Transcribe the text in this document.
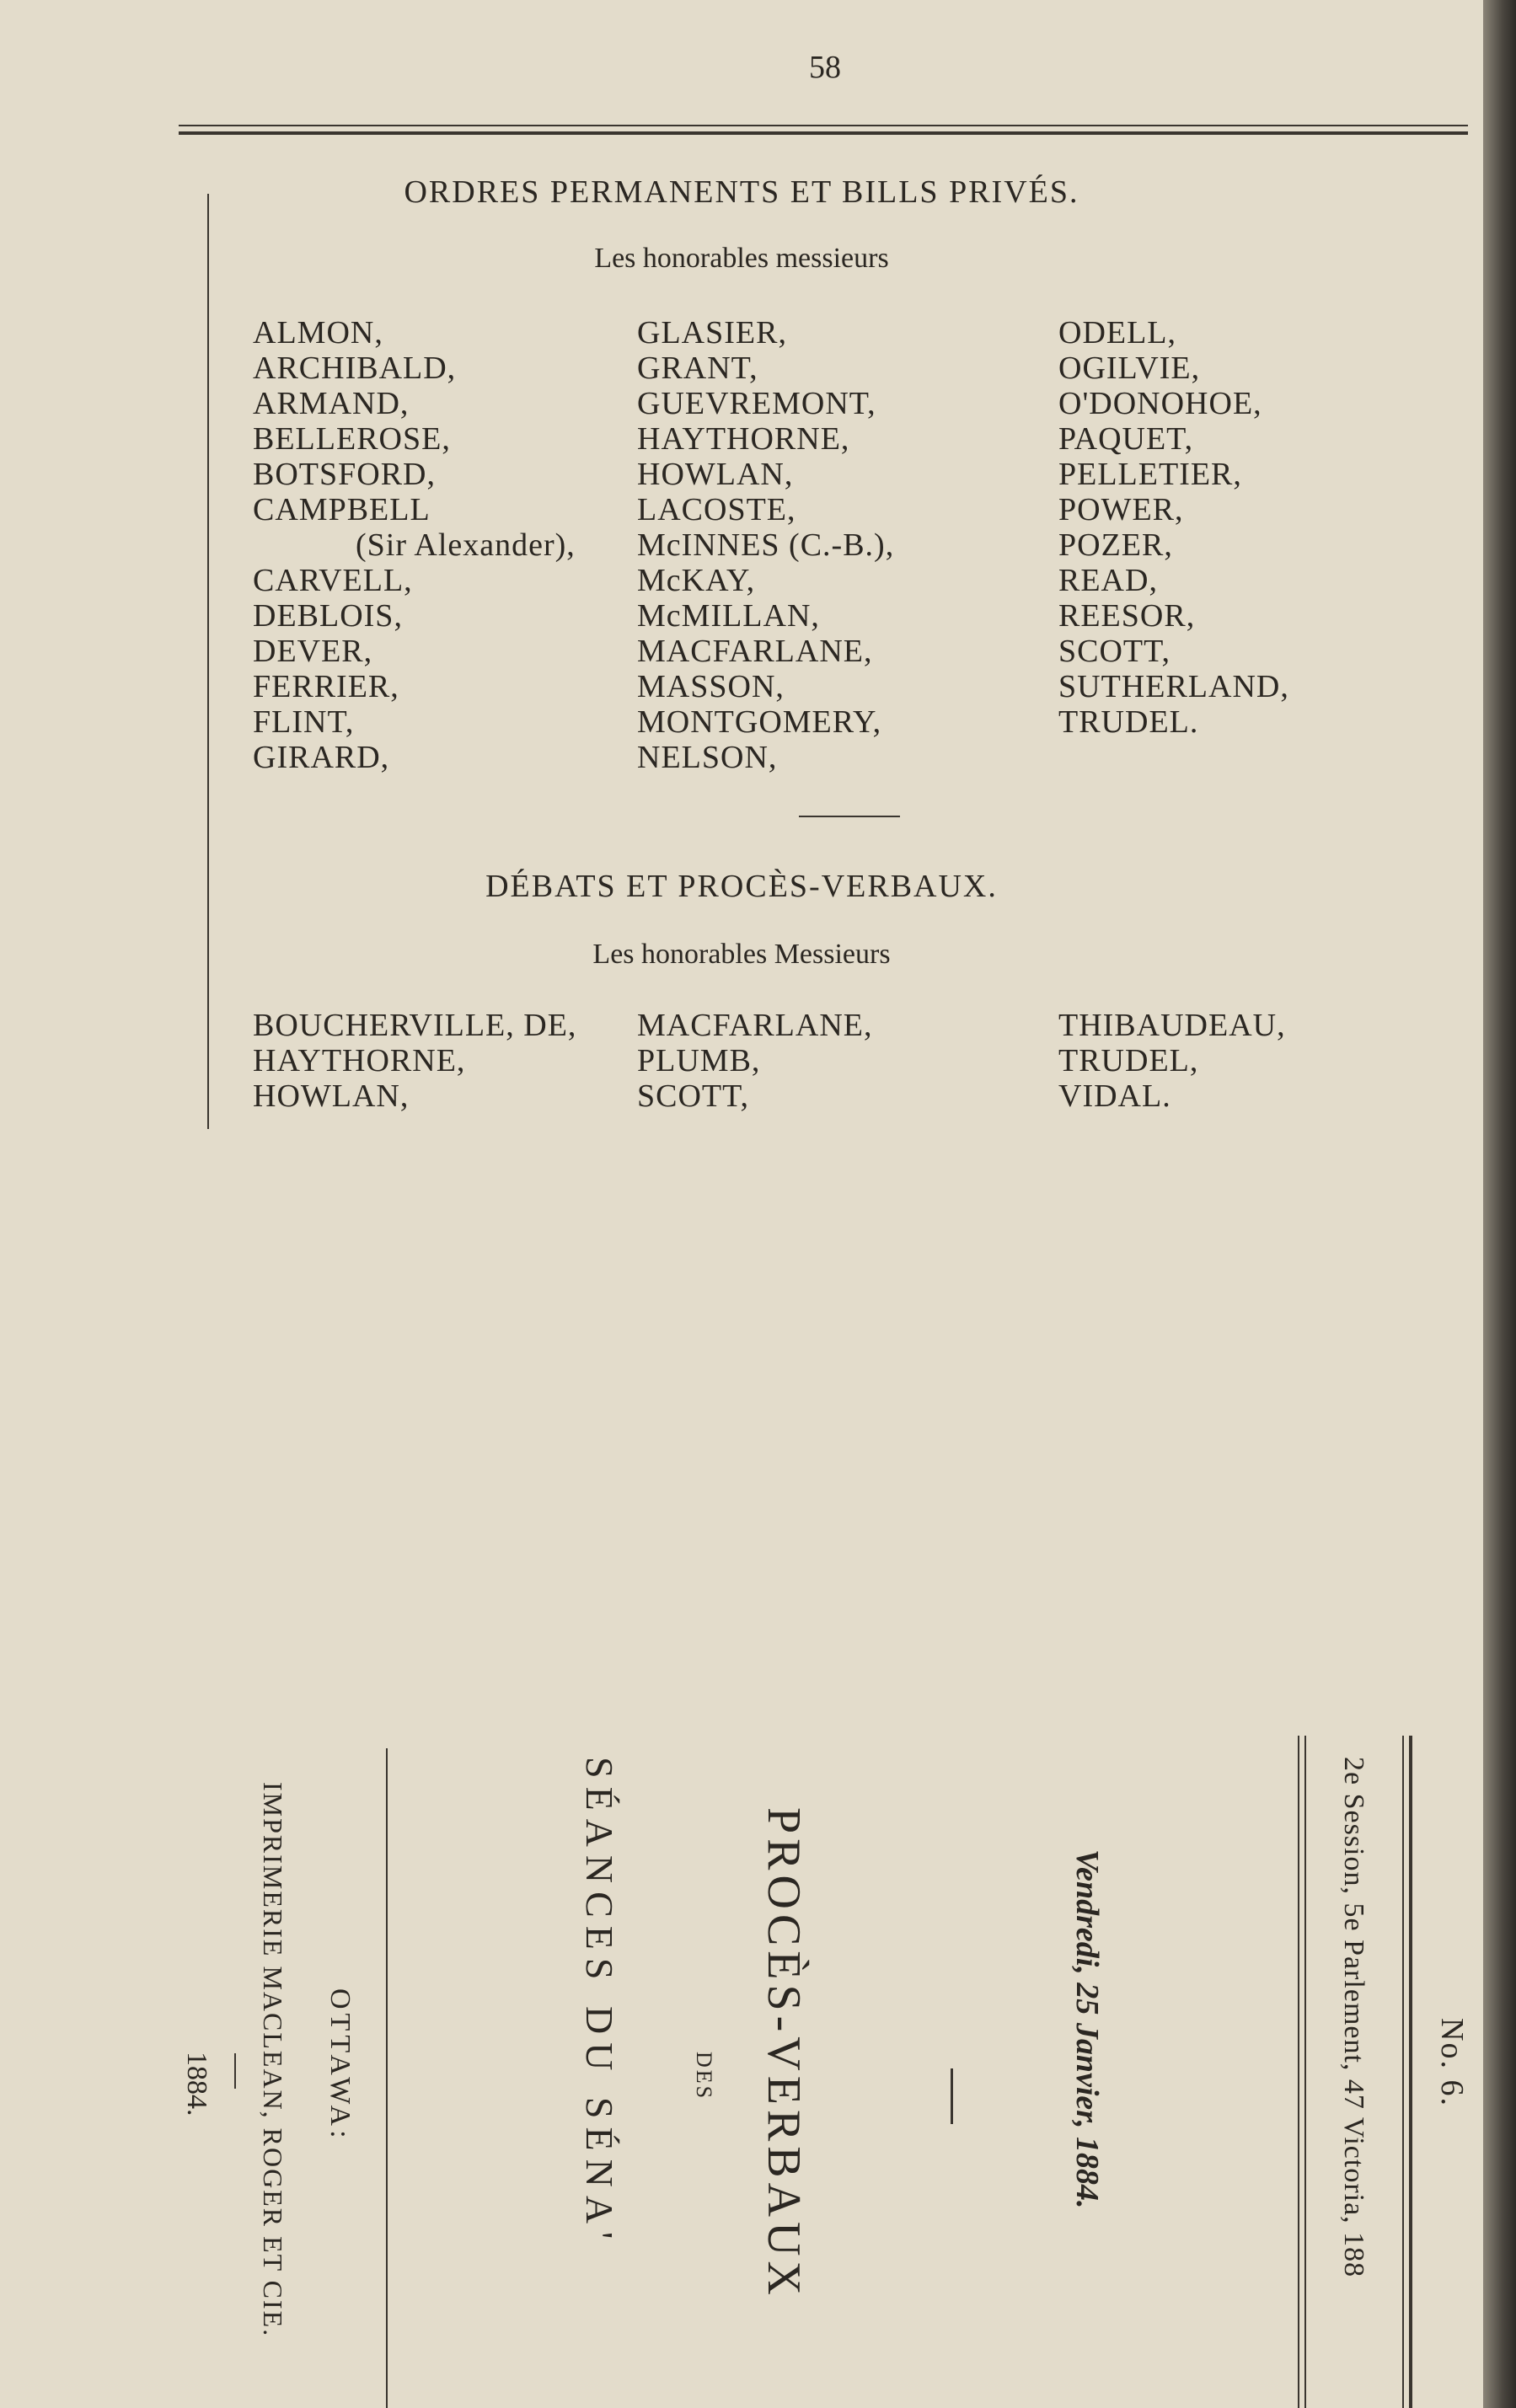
58
ORDRES PERMANENTS ET BILLS PRIVÉS.
Les honorables messieurs
ALMON,
ARCHIBALD,
ARMAND,
BELLEROSE,
BOTSFORD,
CAMPBELL
(Sir Alexander),
CARVELL,
DEBLOIS,
DEVER,
FERRIER,
FLINT,
GIRARD,
GLASIER,
GRANT,
GUEVREMONT,
HAYTHORNE,
HOWLAN,
LACOSTE,
McINNES (C.-B.),
McKAY,
McMILLAN,
MACFARLANE,
MASSON,
MONTGOMERY,
NELSON,
ODELL,
OGILVIE,
O'DONOHOE,
PAQUET,
PELLETIER,
POWER,
POZER,
READ,
REESOR,
SCOTT,
SUTHERLAND,
TRUDEL.
DÉBATS ET PROCÈS-VERBAUX.
Les honorables Messieurs
BOUCHERVILLE, DE,
HAYTHORNE,
HOWLAN,
MACFARLANE,
PLUMB,
SCOTT,
THIBAUDEAU,
TRUDEL,
VIDAL.
No. 6.
2e Session, 5e Parlement, 47 Victoria, 188
Vendredi, 25 Janvier, 1884.
PROCÈS-VERBAUX
DES
SÉANCES DU SÉNA'
OTTAWA:
IMPRIMERIE MACLEAN, ROGER ET CIE.
1884.
